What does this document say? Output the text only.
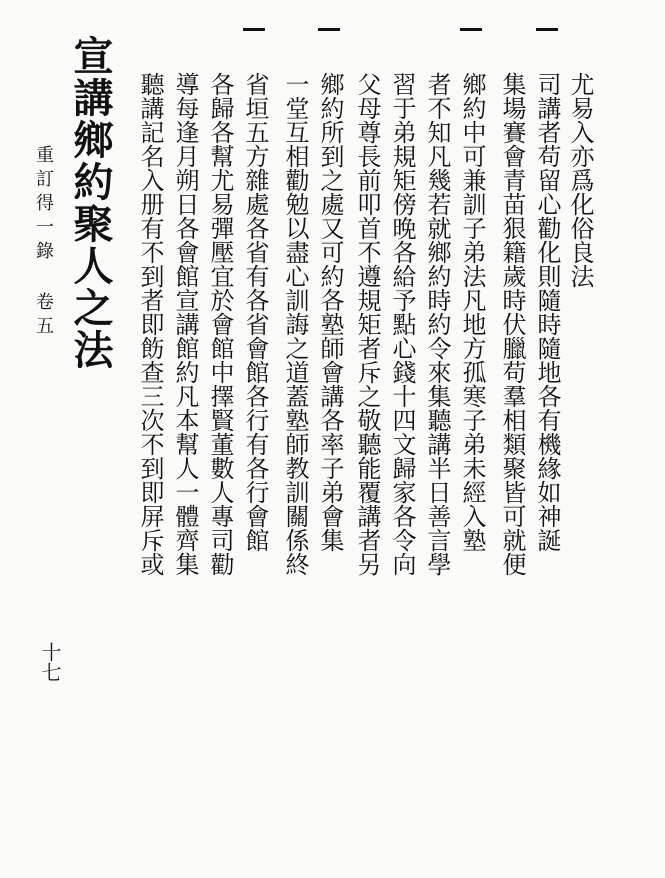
尤易入亦爲化俗良法
司講者苟留心勸化則隨時隨地各有機緣如神誕
集場賽會青苗狠籍歲時伏臘苟羣相類聚皆可就便
鄉約中可兼訓子弟法凡地方孤寒子弟未經入塾
者不知凡幾若就鄉約時約令來集聽講半日善言學
習于弟規矩傍晚各給予點心錢十四文歸家各令向
父母尊長前叩首不遵規矩者斥之敬聽能覆講者另
鄉約所到之處又可約各塾師會講各率子弟會集
一堂互相勸勉以盡心訓誨之道蓋塾師教訓關係終
省垣五方雜處各省有各省會館各行有各行會館
各歸各幫尤易彈壓宜於會館中擇賢董數人專司勸
導每逢月朔日各會館宣講館約凡本幫人一體齊集
聽講記名入册有不到者即飭查三次不到即屏斥或
宣講鄉約聚人之法
重訂得一錄 卷五
十七
